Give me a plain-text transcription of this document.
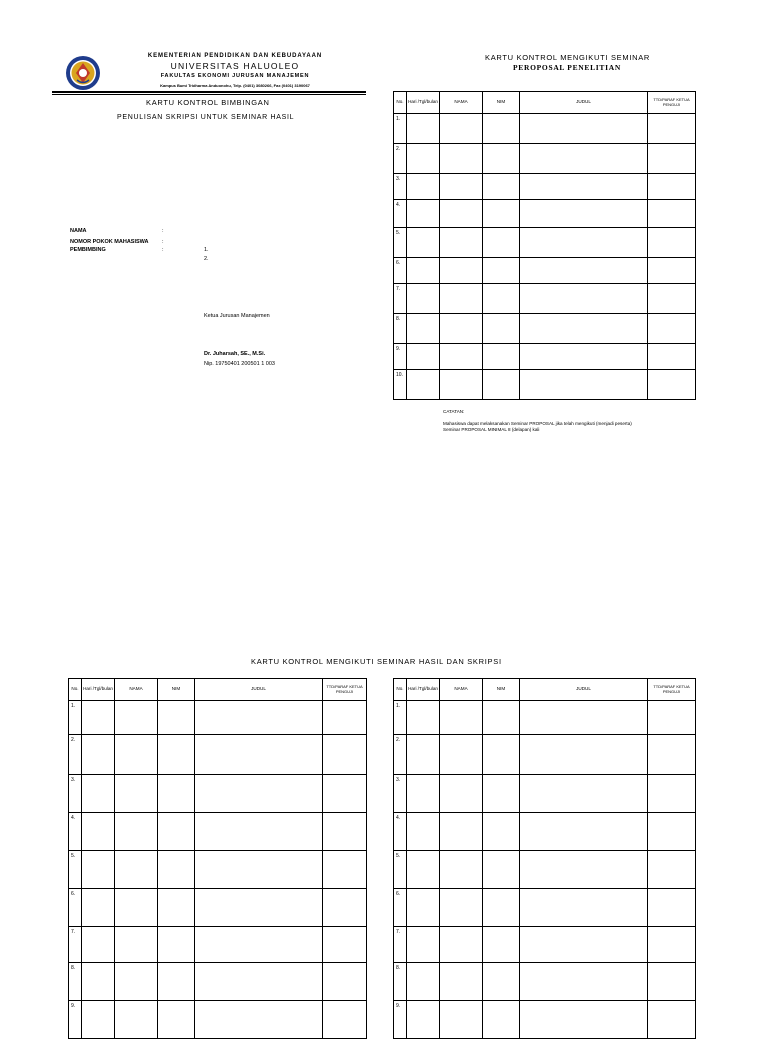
KEMENTERIAN PENDIDIKAN DAN KEBUDAYAAN
UNIVERSITAS HALUOLEO
FAKULTAS EKONOMI JURUSAN MANAJEMEN
Kampus Bumi Tridharma Anduonohu, Telp. (0401) 3080266, Fax (0401) 3190067
KARTU KONTROL BIMBINGAN
PENULISAN SKRIPSI UNTUK SEMINAR HASIL
NAMA	:
NOMOR POKOK MAHASISWA :
PEMBIMBING	:	1.
2.
Ketua Jurusan Manajemen
Dr. Juharsah, SE., M.Si.
Nip. 19750401 200501 1 003
KARTU KONTROL MENGIKUTI SEMINAR
PEROPOSAL PENELITIAN
No.	Hari /Tgl/bulan	NAMA	NIM	JUDUL	TTD/PARAF KETUA PENGUJI
1.					
2.					
3.					
4.					
5.					
6.					
7.					
8.					
9.					
10.					
CATATAN:
Mahasiswa dapat melaksanakan Seminar PROPOSAL jika telah mengikuti (menjadi peserta)
Seminar PROPOSAL MINIMAL 8 (delapan) kali
KARTU KONTROL MENGIKUTI SEMINAR HASIL DAN SKRIPSI
No.	Hari /Tgl/bulan	NAMA	NIM	JUDUL	TTD/PARAF KETUA PENGUJI
1.					
2.					
3.					
4.					
5.					
6.					
7.					
8.					
9.					
No.	Hari /Tgl/bulan	NAMA	NIM	JUDUL	TTD/PARAF KETUA PENGUJI
1.					
2.					
3.					
4.					
5.					
6.					
7.					
8.					
9.					
